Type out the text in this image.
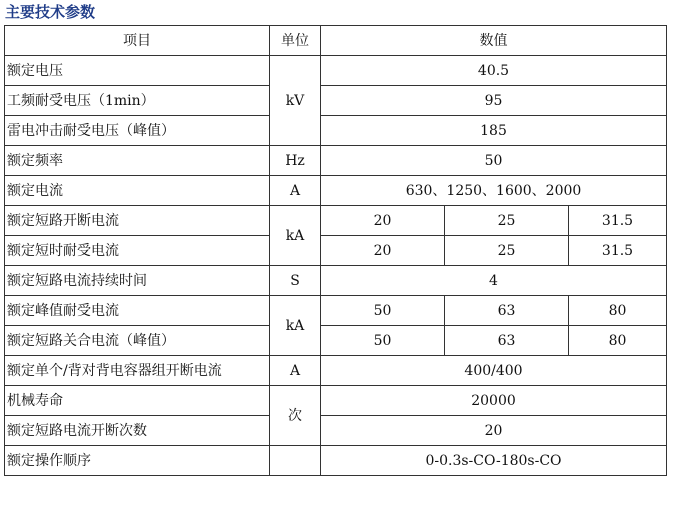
主要技术参数
项目	单位	数值		
额定电压	kV	40.5		
工频耐受电压（1min）		95		
雷电冲击耐受电压（峰值）		185		
额定频率	Hz	50		
额定电流	A	630、1250、1600、2000		
额定短路开断电流	kA	20	25	31.5
额定短时耐受电流		20	25	31.5
额定短路电流持续时间	S	4		
额定峰值耐受电流	kA	50	63	80
额定短路关合电流（峰值）		50	63	80
额定单个/背对背电容器组开断电流	A	400/400		
机械寿命	次	20000		
额定短路电流开断次数		20		
额定操作顺序		0-0.3s-CO-180s-CO		
